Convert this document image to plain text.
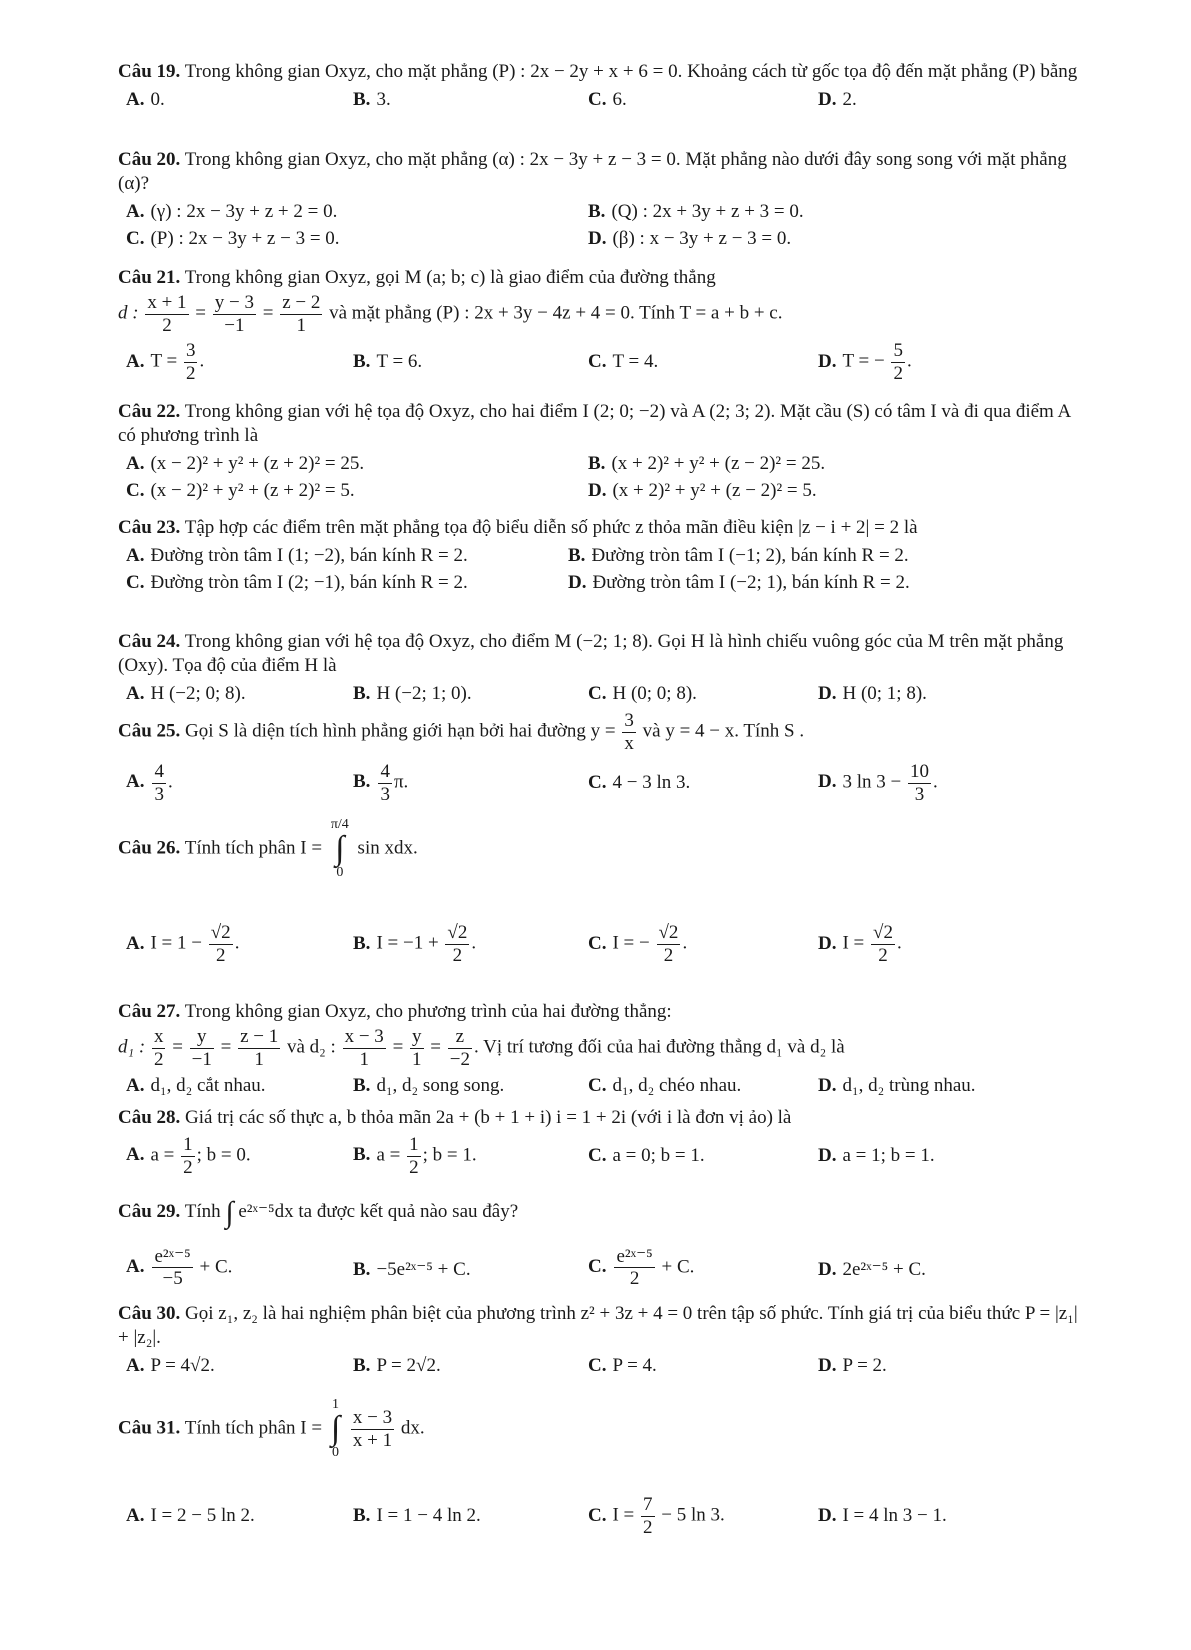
Câu 19. Trong không gian Oxyz, cho mặt phẳng (P) : 2x − 2y + x + 6 = 0. Khoảng cách từ gốc tọa độ đến mặt phẳng (P) bằng
A. 0.	B. 3.	C. 6.	D. 2.
Câu 20. Trong không gian Oxyz, cho mặt phẳng (α) : 2x − 3y + z − 3 = 0. Mặt phẳng nào dưới đây song song với mặt phẳng (α)?
A. (γ) : 2x − 3y + z + 2 = 0.	B. (Q) : 2x + 3y + z + 3 = 0.
C. (P) : 2x − 3y + z − 3 = 0.	D. (β) : x − 3y + z − 3 = 0.
Câu 21. Trong không gian Oxyz, gọi M (a; b; c) là giao điểm của đường thẳng
d : $\frac{x + 1}{2} = \frac{y - 3}{-1} = \frac{z - 2}{1}$ và mặt phẳng (P) : 2x + 3y − 4z + 4 = 0. Tính T = a + b + c.
A. $T = \frac{3}{2}$ .	B. T = 6.	C. T = 4.	D. T = − $\frac{5}{2}$ .
Câu 22. Trong không gian với hệ tọa độ Oxyz, cho hai điểm I (2; 0; −2) và A (2; 3; 2). Mặt cầu (S) có tâm I và đi qua điểm A có phương trình là
A. (x − 2)² + y² + (z + 2)² = 25.	B. (x + 2)² + y² + (z − 2)² = 25.
C. (x − 2)² + y² + (z + 2)² = 5.	D. (x + 2)² + y² + (z − 2)² = 5.
Câu 23. Tập hợp các điểm trên mặt phẳng tọa độ biểu diễn số phức z thỏa mãn điều kiện |z − i + 2| = 2 là
A. Đường tròn tâm I (1; −2), bán kính R = 2.	B. Đường tròn tâm I (−1; 2), bán kính R = 2.
C. Đường tròn tâm I (2; −1), bán kính R = 2.	D. Đường tròn tâm I (−2; 1), bán kính R = 2.
Câu 24. Trong không gian với hệ tọa độ Oxyz, cho điểm M (−2; 1; 8). Gọi H là hình chiếu vuông góc của M trên mặt phẳng (Oxy). Tọa độ của điểm H là
A. H (−2; 0; 8).	B. H (−2; 1; 0).	C. H (0; 0; 8).	D. H (0; 1; 8).
Câu 25. Gọi S là diện tích hình phẳng giới hạn bởi hai đường $y = \frac{3}{x}$ và y = 4 − x. Tính S .
A. $\frac{4}{3}$ .	B. $\frac{4}{3} \pi$.	C. 4 − 3 ln 3.	D. 3 $\ln 3 - \frac{10}{3}$ .
Câu 26. Tính tích phân I =
π/4
∫
0
sin xdx.
A. $I = 1 - \frac{√2}{2}$ .	B. $I = -1 + \frac{√2}{2}$ .	C. I = − $\frac{√2}{2}$ .	D. $I = \frac{√2}{2}$ .
Câu 27. Trong không gian Oxyz, cho phương trình của hai đường thẳng:
d₁ : $\frac{x}{2} = \frac{y}{-1} = \frac{z - 1}{1}$ và d₂ : $\frac{x - 3}{1} = \frac{y}{1} = \frac{z}{-2}$ . Vị trí tương đối của hai đường thẳng d₁ và d₂ là
A. d₁, d₂ cắt nhau.	B. d₁, d₂ song song.	C. d₁, d₂ chéo nhau.	D. d₁, d₂ trùng nhau.
Câu 28. Giá trị các số thực a, b thỏa mãn 2a + (b + 1 + i) i = 1 + 2i (với i là đơn vị ảo) là
A. $a = \frac{1}{2}$ ; b = 0.	B. $a = \frac{1}{2}$ ; b = 1.	C. a = 0; b = 1.	D. a = 1; b = 1.
Câu 29. Tính ∫ e²ˣ⁻⁵dx ta được kết quả nào sau đây?
A. $\frac{\text{e²ˣ⁻⁵}}{-5} + C$.	B. −5e²ˣ⁻⁵ + C.	C. $\frac{\text{e²ˣ⁻⁵}}{2} + C$.	D. 2e²ˣ⁻⁵ + C.
Câu 30. Gọi z₁, z₂ là hai nghiệm phân biệt của phương trình z² + 3z + 4 = 0 trên tập số phức. Tính giá trị của biểu thức P = |z₁| + |z₂|.
A. P = 4√2.	B. P = 2√2.	C. P = 4.	D. P = 2.
Câu 31. Tính tích phân I =
1
∫
0

$\frac{x - 3}{x + 1}$ dx.
A. I = 2 − 5 ln 2.	B. I = 1 − 4 ln 2.	C. $I = \frac{7}{2} - 5$ ln 3.	D. I = 4 ln 3 − 1.
